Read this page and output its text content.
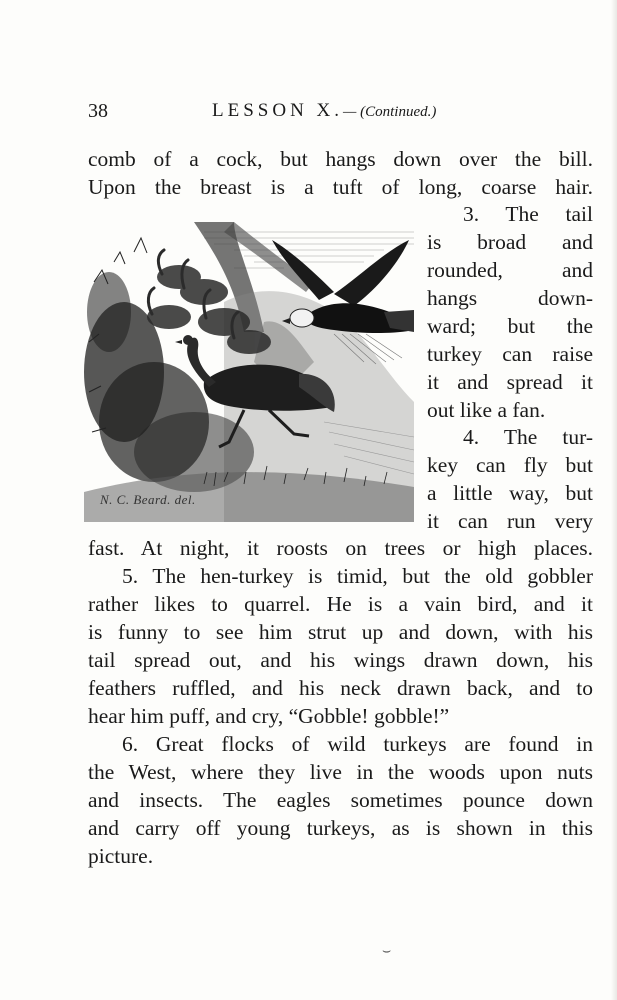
38	LESSON X.— (Continued.)
comb of a cock, but hangs down over the bill.
Upon the breast is a tuft of long, coarse hair.
3. The tail
is broad and
rounded, and
hangs down-
ward; but the
turkey can raise
it and spread it
out like a fan.
4. The tur-
key can fly but
a little way, but
it can run very
N. C. Beard. del.
fast. At night, it roosts on trees or high places.
5. The hen-turkey is timid, but the old gobbler
rather likes to quarrel. He is a vain bird, and it
is funny to see him strut up and down, with his
tail spread out, and his wings drawn down, his
feathers ruffled, and his neck drawn back, and to
hear him puff, and cry, “Gobble! gobble!”
6. Great flocks of wild turkeys are found in
the West, where they live in the woods upon nuts
and insects. The eagles sometimes pounce down
and carry off young turkeys, as is shown in this
picture.
⌣
